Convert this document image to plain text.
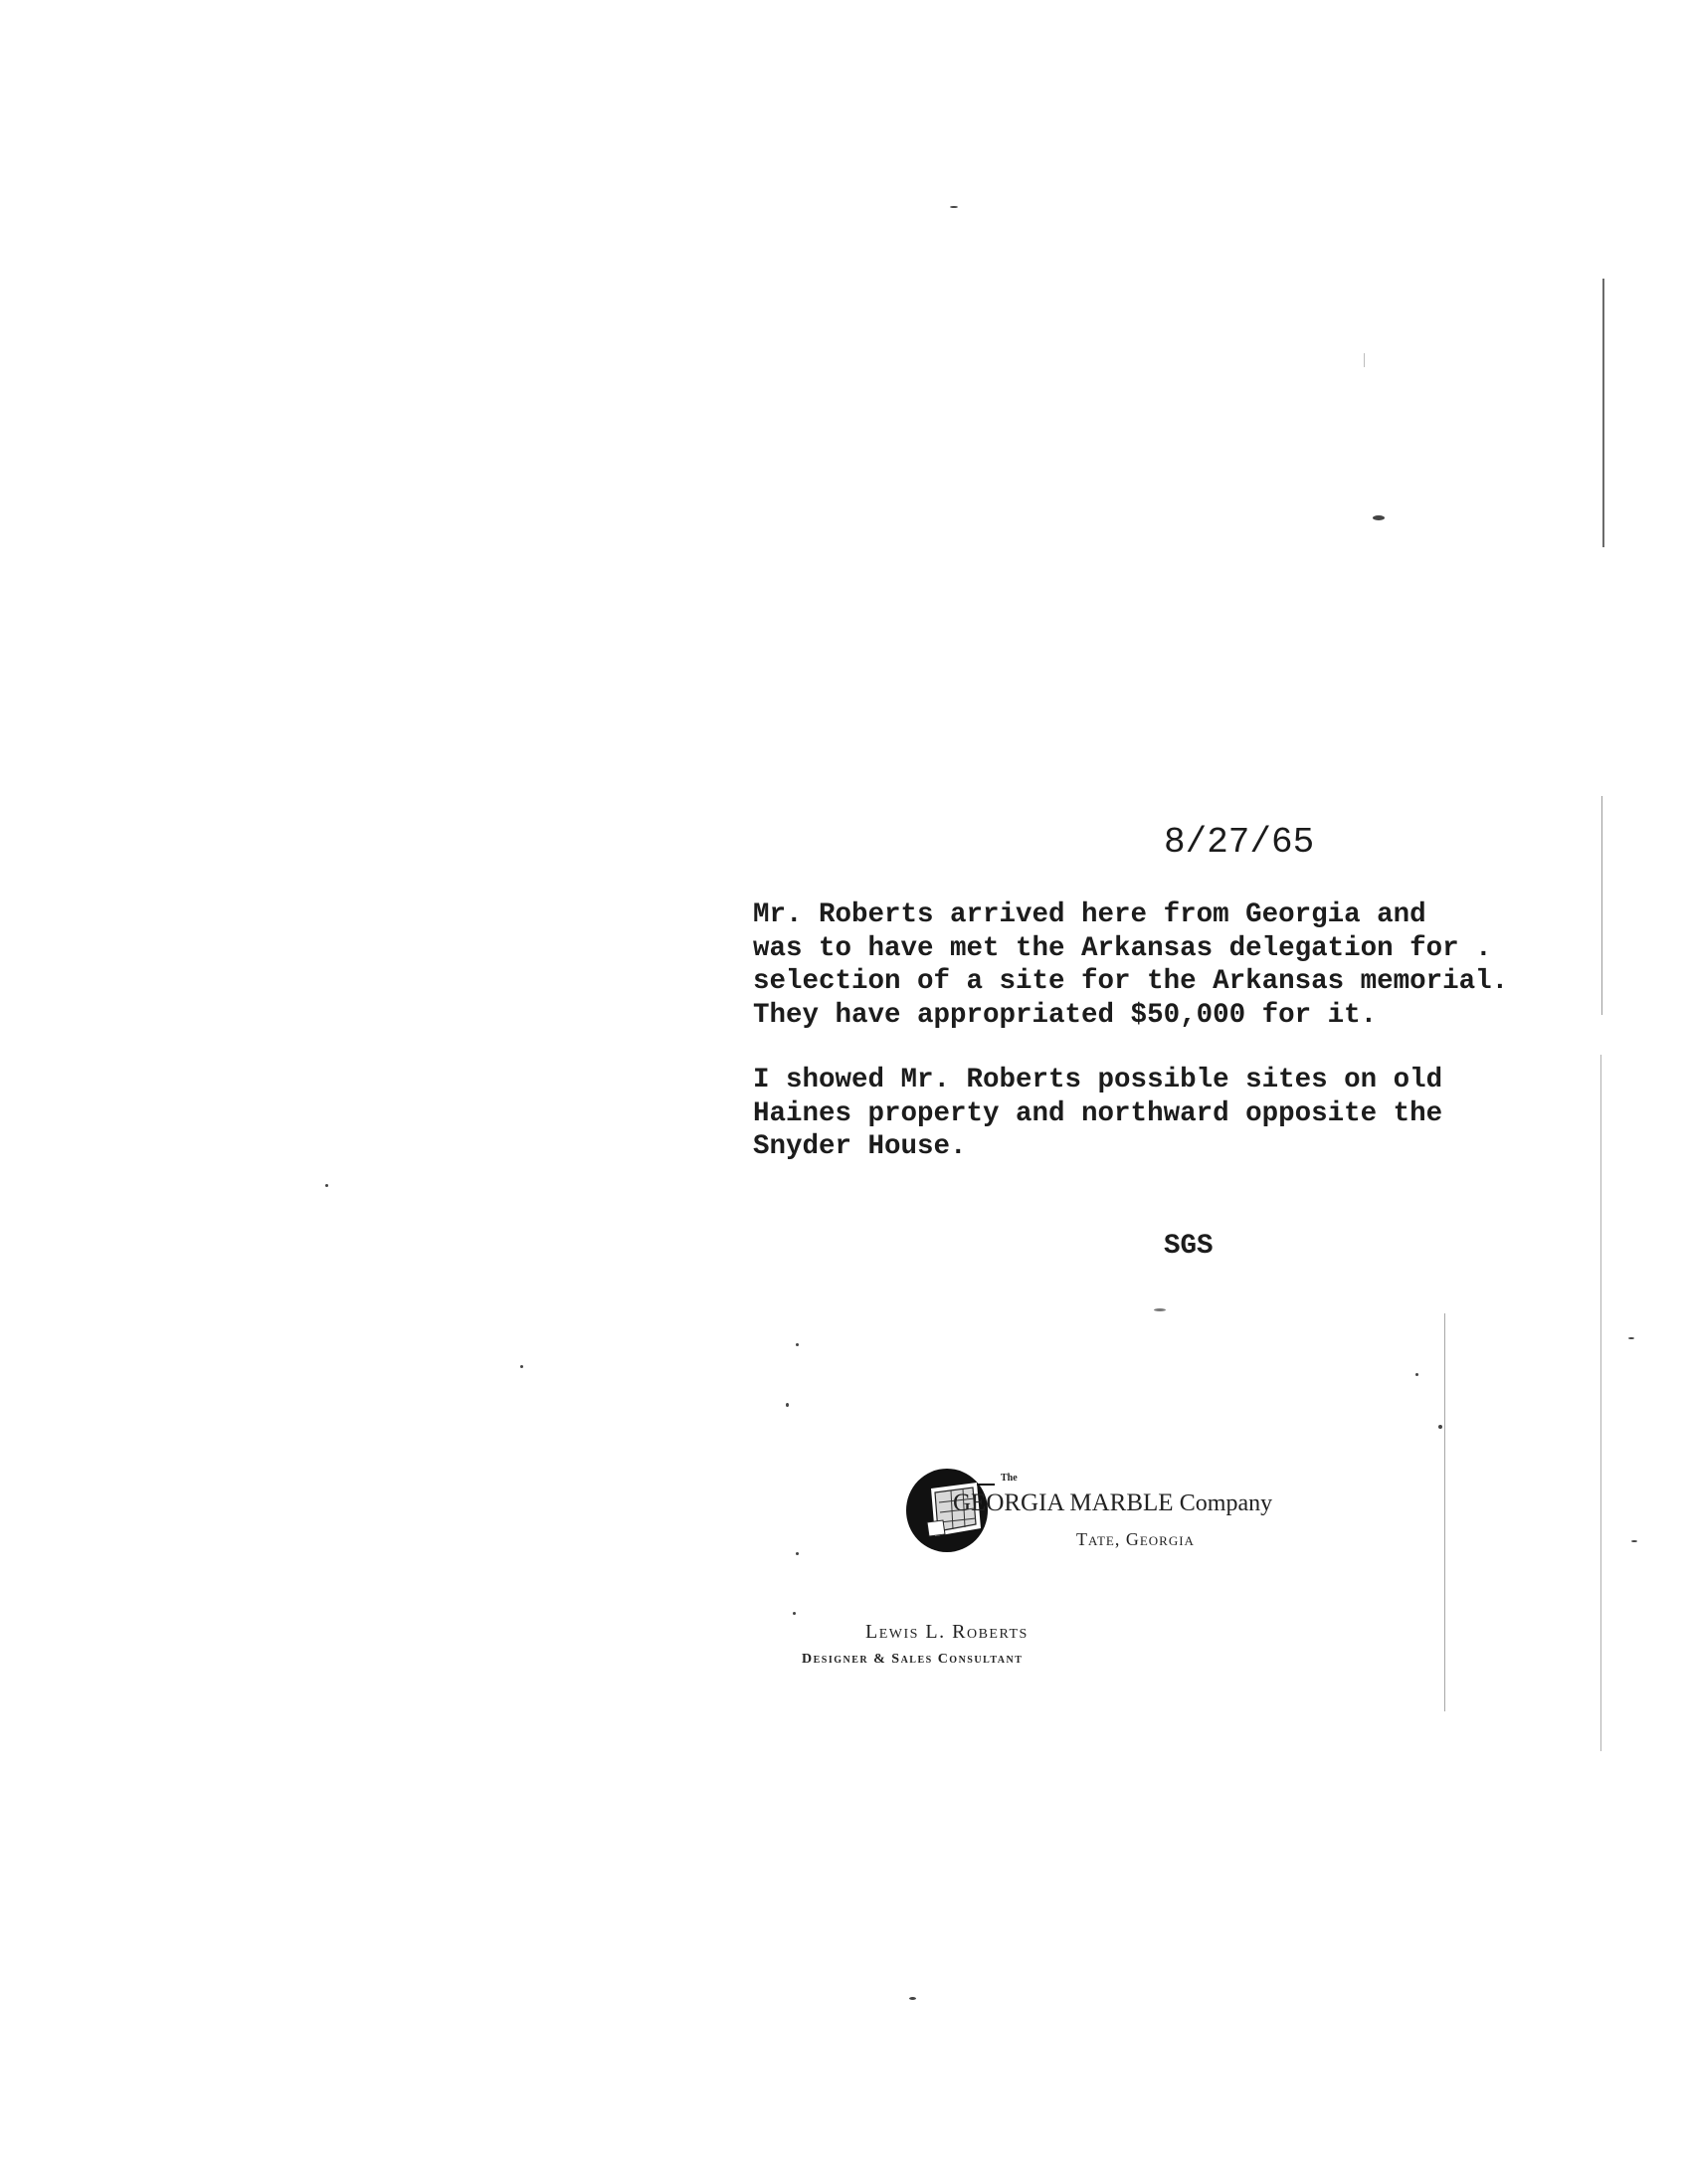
8/27/65
Mr. Roberts arrived here from Georgia and
was to have met the Arkansas delegation for .
selection of a site for the Arkansas memorial.
They have appropriated $50,000 for it.
I showed Mr. Roberts possible sites on old
Haines property and northward opposite the
Snyder House.
SGS
The
GEORGIA MARBLE Company
Tate, Georgia
Lewis L. Roberts
Designer & Sales Consultant
